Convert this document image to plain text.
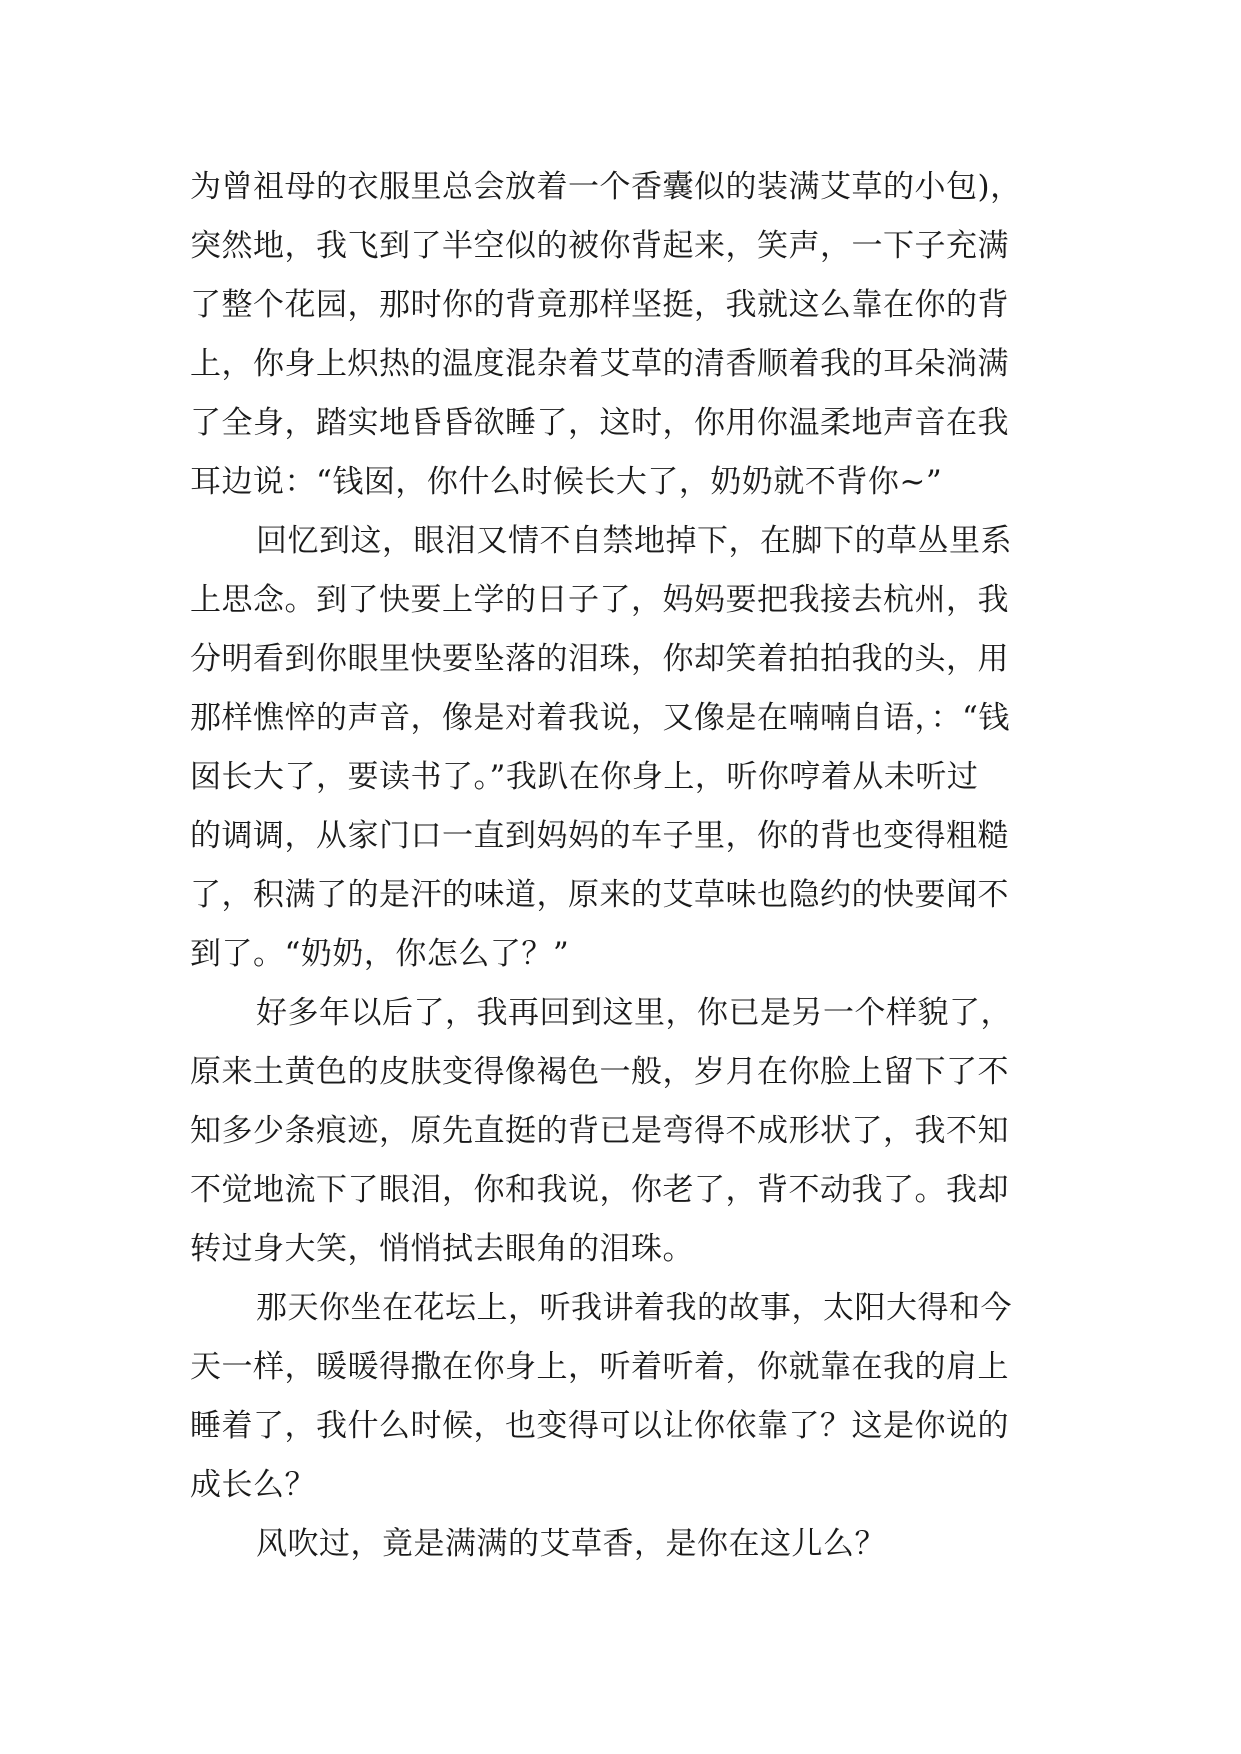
为曾祖母的衣服里总会放着一个香囊似的装满艾草的小包)，
突然地，我飞到了半空似的被你背起来，笑声，一下子充满
了整个花园，那时你的背竟那样坚挺，我就这么靠在你的背
上，你身上炽热的温度混杂着艾草的清香顺着我的耳朵淌满
了全身，踏实地昏昏欲睡了，这时，你用你温柔地声音在我
耳边说：“钱囡，你什么时候长大了，奶奶就不背你~”
回忆到这，眼泪又情不自禁地掉下，在脚下的草丛里系
上思念。到了快要上学的日子了，妈妈要把我接去杭州，我
分明看到你眼里快要坠落的泪珠，你却笑着拍拍我的头，用
那样憔悴的声音，像是对着我说，又像是在喃喃自语，：“钱
囡长大了，要读书了。”我趴在你身上，听你哼着从未听过
的调调，从家门口一直到妈妈的车子里，你的背也变得粗糙
了，积满了的是汗的味道，原来的艾草味也隐约的快要闻不
到了。“奶奶，你怎么了？”
好多年以后了，我再回到这里，你已是另一个样貌了，
原来土黄色的皮肤变得像褐色一般，岁月在你脸上留下了不
知多少条痕迹，原先直挺的背已是弯得不成形状了，我不知
不觉地流下了眼泪，你和我说，你老了，背不动我了。我却
转过身大笑，悄悄拭去眼角的泪珠。
那天你坐在花坛上，听我讲着我的故事，太阳大得和今
天一样，暖暖得撒在你身上，听着听着，你就靠在我的肩上
睡着了，我什么时候，也变得可以让你依靠了？这是你说的
成长么？
风吹过，竟是满满的艾草香，是你在这儿么？
